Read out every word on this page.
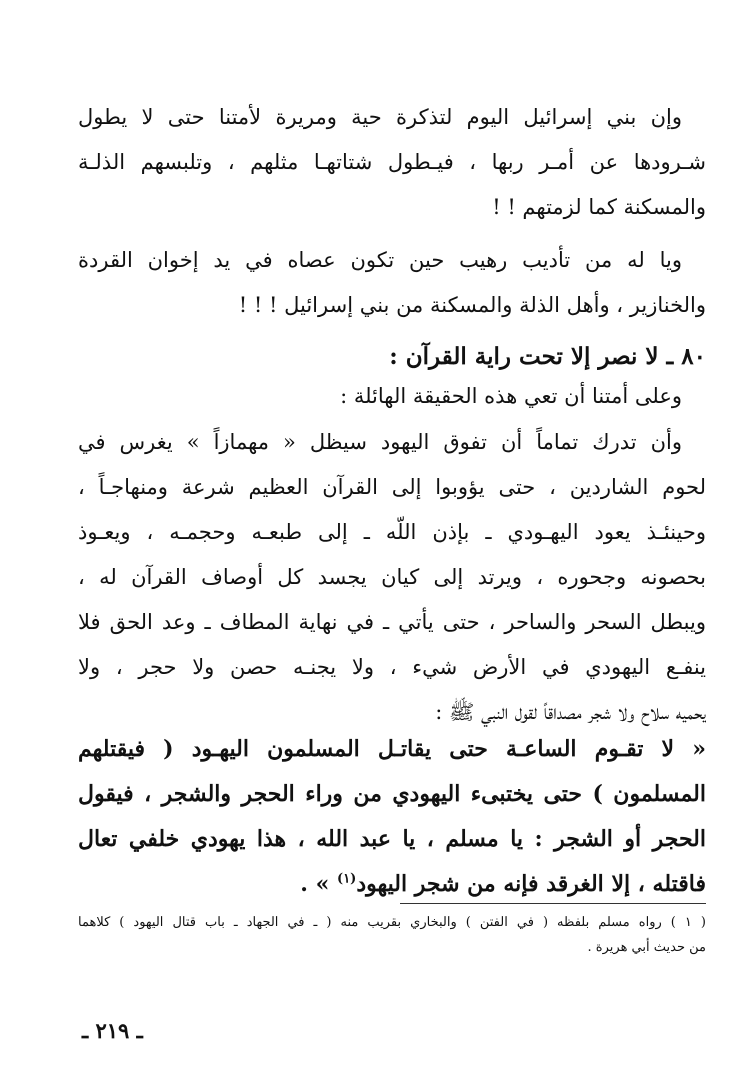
وإن بني إسرائيل اليوم لتذكرة حية ومريرة لأمتنا حتى لا يطول
شـرودها عن أمـر ربها ، فيـطول شتاتهـا مثلهم ، وتلبسهم الذلـة
والمسكنة كما لزمتهم ! !
ويا له من تأديب رهيب حين تكون عصاه في يد إخوان القردة
والخنازير ، وأهل الذلة والمسكنة من بني إسرائيل ! ! !
٨٠ ـ لا نصر إلا تحت راية القرآن :
وعلى أمتنا أن تعي هذه الحقيقة الهائلة :
وأن تدرك تماماً أن تفوق اليهود سيظل « مهمازاً » يغرس في
لحوم الشاردين ، حتى يؤوبوا إلى القرآن العظيم شرعة ومنهاجـاً ،
وحينئـذ يعود اليهـودي ـ بإذن اللّه ـ إلى طبعـه وحجمـه ، ويعـوذ
بحصونه وجحوره ، ويرتد إلى كيان يجسد كل أوصاف القرآن له ،
ويبطل السحر والساحر ، حتى يأتي ـ في نهاية المطاف ـ وعد الحق فلا
ينفـع اليهودي في الأرض شيء ، ولا يجنـه حصن ولا حجر ، ولا
يحميه سلاح ولا شجر مصداقاً لقول النبي ﷺ :
« لا تقـوم الساعـة حتى يقاتـل المسلمون اليهـود ( فيقتلهم
المسلمون ) حتى يختبىء اليهودي من وراء الحجر والشجر ، فيقول
الحجر أو الشجر : يا مسلم ، يا عبد الله ، هذا يهودي خلفي تعال
فاقتله ، إلا الغرقد فإنه من شجر اليهود$^{(١)}$ » .
( ١ ) رواه مسلم بلفظه ( في الفتن ) والبخاري بقريب منه ( ـ في الجهاد ـ باب قتال اليهود ) كلاهما
من حديث أبي هريرة .
ـ ٢١٩ ـ
